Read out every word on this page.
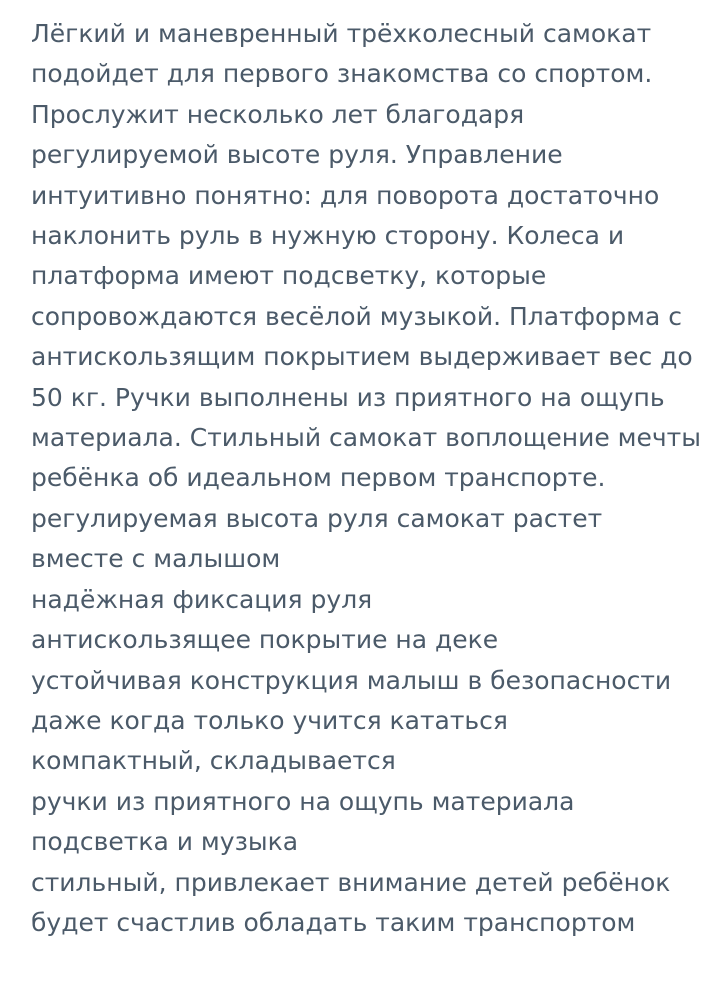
Лёгкий и маневренный трёхколесный самокат подойдет для первого знакомства со спортом. Прослужит несколько лет благодаря регулируемой высоте руля. Управление интуитивно понятно: для поворота достаточно наклонить руль в нужную сторону. Колеса и платформа имеют подсветку, которые сопровождаются весёлой музыкой. Платформа с антискользящим покрытием выдерживает вес до 50 кг. Ручки выполнены из приятного на ощупь материала. Стильный самокат воплощение мечты ребёнка об идеальном первом транспорте.

регулируемая высота руля самокат растет вместе с малышом
надёжная фиксация руля
антискользящее покрытие на деке
устойчивая конструкция малыш в безопасности даже когда только учится кататься
компактный, складывается
ручки из приятного на ощупь материала
подсветка и музыка
стильный, привлекает внимание детей ребёнок будет счастлив обладать таким транспортом
